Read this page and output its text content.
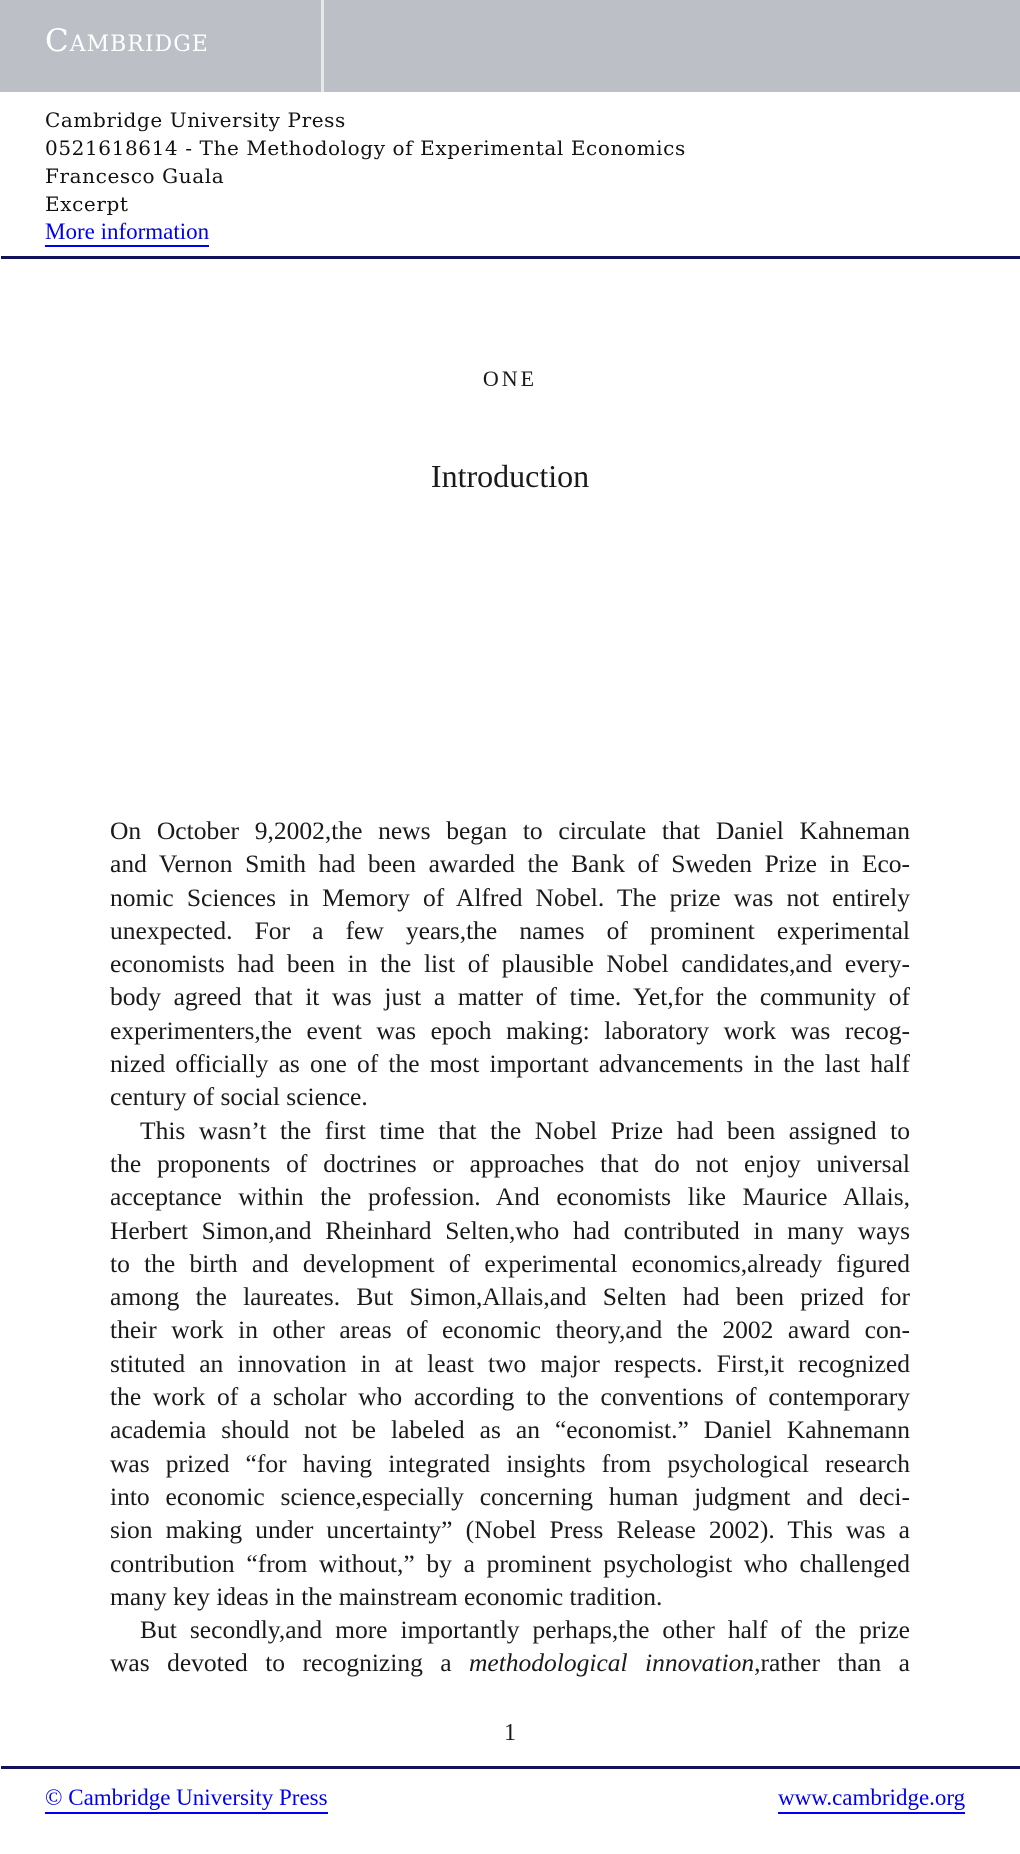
Cambridge
Cambridge University Press
0521618614 - The Methodology of Experimental Economics
Francesco Guala
Excerpt
More information
ONE
Introduction
On October 9,2002,the news began to circulate that Daniel Kahneman
and Vernon Smith had been awarded the Bank of Sweden Prize in Eco-
nomic Sciences in Memory of Alfred Nobel. The prize was not entirely
unexpected. For a few years,the names of prominent experimental
economists had been in the list of plausible Nobel candidates,and every-
body agreed that it was just a matter of time. Yet,for the community of
experimenters,the event was epoch making: laboratory work was recog-
nized officially as one of the most important advancements in the last half
century of social science.
This wasn’t the first time that the Nobel Prize had been assigned to
the proponents of doctrines or approaches that do not enjoy universal
acceptance within the profession. And economists like Maurice Allais,
Herbert Simon,and Rheinhard Selten,who had contributed in many ways
to the birth and development of experimental economics,already figured
among the laureates. But Simon,Allais,and Selten had been prized for
their work in other areas of economic theory,and the 2002 award con-
stituted an innovation in at least two major respects. First,it recognized
the work of a scholar who according to the conventions of contemporary
academia should not be labeled as an “economist.” Daniel Kahnemann
was prized “for having integrated insights from psychological research
into economic science,especially concerning human judgment and deci-
sion making under uncertainty” (Nobel Press Release 2002). This was a
contribution “from without,” by a prominent psychologist who challenged
many key ideas in the mainstream economic tradition.
But secondly,and more importantly perhaps,the other half of the prize
was devoted to recognizing a methodological innovation,rather than a
1
© Cambridge University Press	www.cambridge.org
